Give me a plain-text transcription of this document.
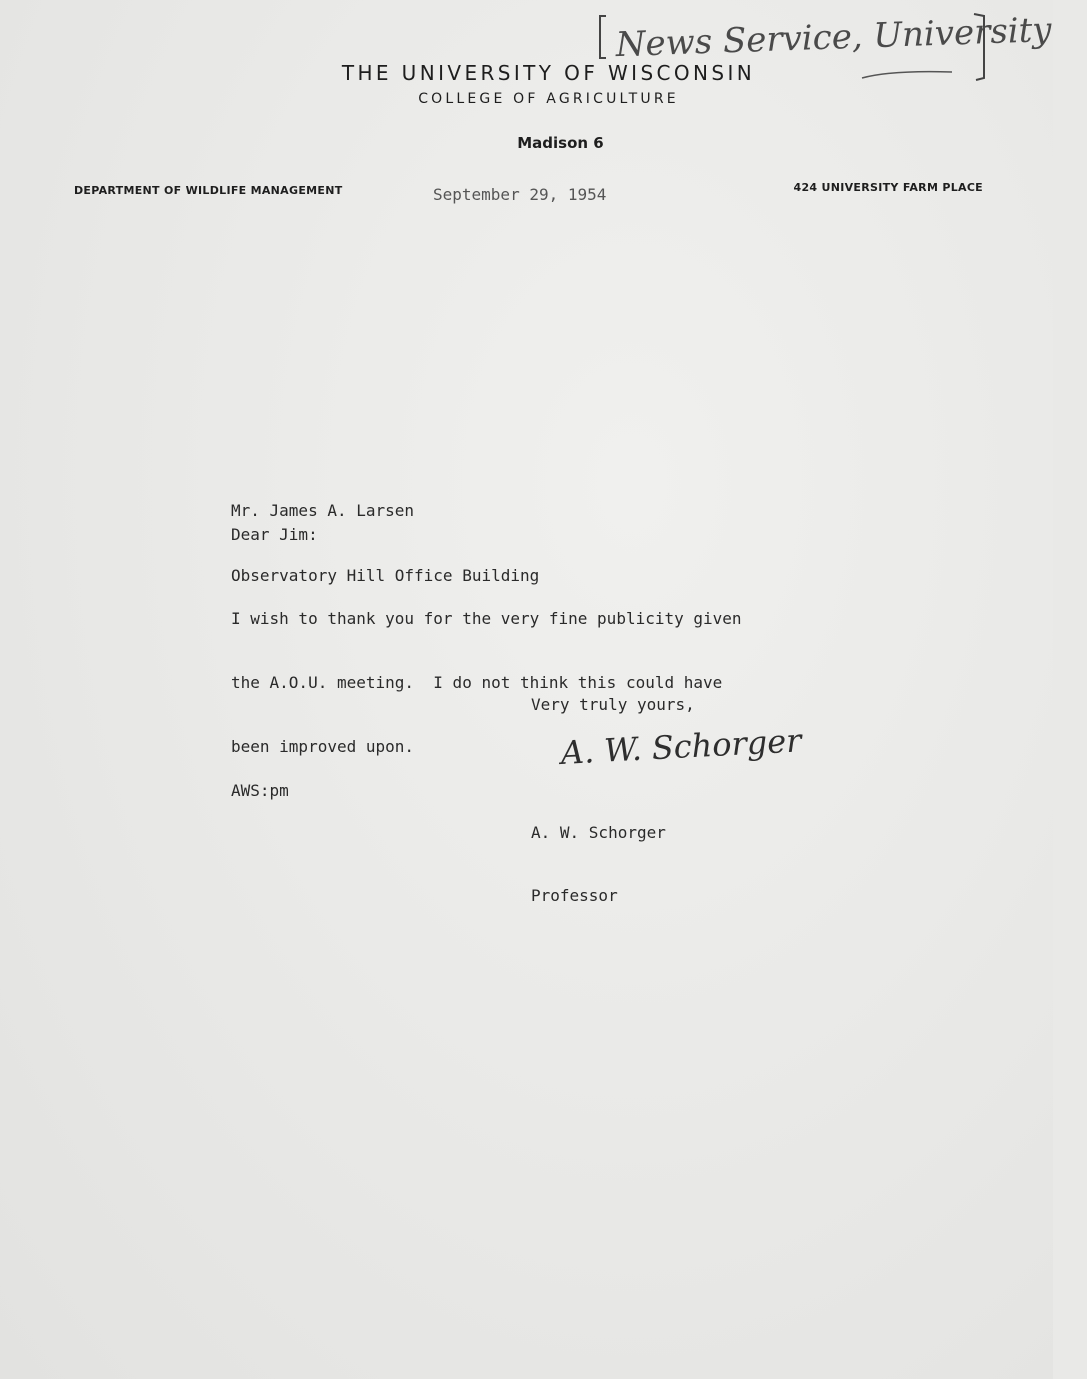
News Service, University
THE UNIVERSITY OF WISCONSIN
COLLEGE OF AGRICULTURE
Madison 6
DEPARTMENT OF WILDLIFE MANAGEMENT	424 UNIVERSITY FARM PLACE
September 29, 1954

Mr. James A. Larsen

Observatory Hill Office Building

Dear Jim:

I wish to thank you for the very fine publicity given

the A.O.U. meeting.  I do not think this could have

been improved upon.

Very truly yours,
A. W. Schorger
AWS:pm

A. W. Schorger

Professor
